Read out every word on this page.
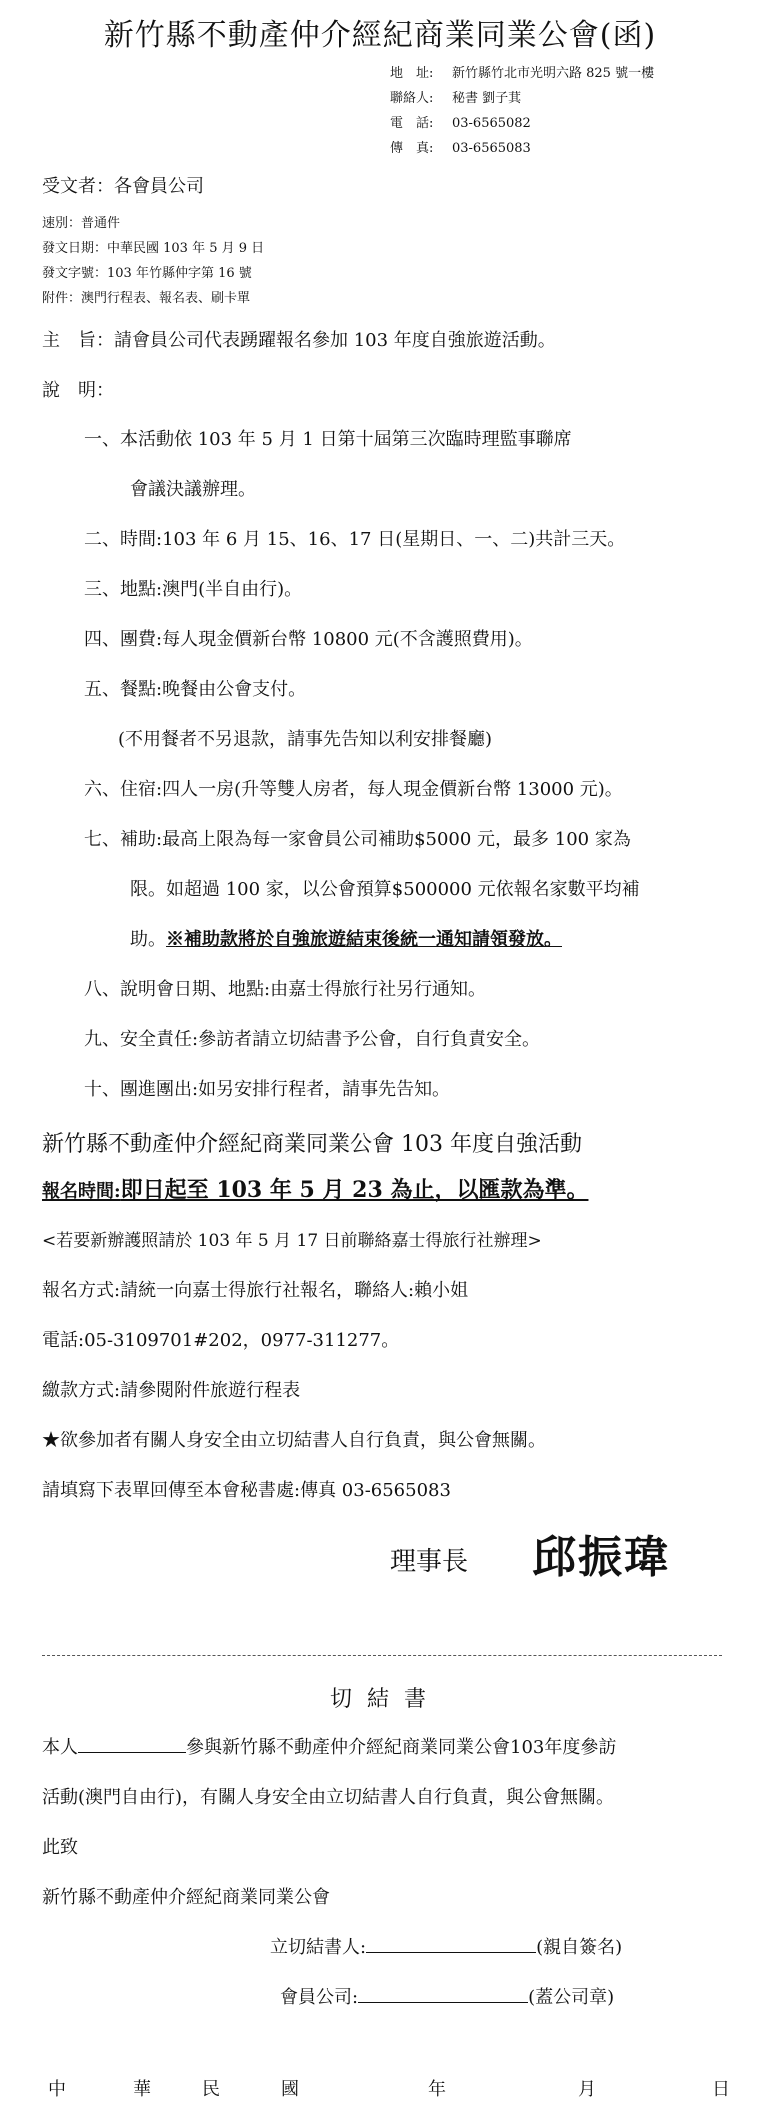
新竹縣不動產仲介經紀商業同業公會(函)
地　址: 新竹縣竹北市光明六路 825 號一樓
聯絡人: 秘書 劉子萁
電　話: 03-6565082
傳　真: 03-6565083
受文者：各會員公司
速別：普通件
發文日期：中華民國 103 年 5 月 9 日
發文字號：103 年竹縣仲字第 16 號
附件：澳門行程表、報名表、刷卡單
主　旨：請會員公司代表踴躍報名參加 103 年度自強旅遊活動。
說　明：
一、本活動依 103 年 5 月 1 日第十屆第三次臨時理監事聯席
會議決議辦理。
二、時間:103 年 6 月 15、16、17 日(星期日、一、二)共計三天。
三、地點:澳門(半自由行)。
四、團費:每人現金價新台幣 10800 元(不含護照費用)。
五、餐點:晚餐由公會支付。
(不用餐者不另退款，請事先告知以利安排餐廳)
六、住宿:四人一房(升等雙人房者，每人現金價新台幣 13000 元)。
七、補助:最高上限為每一家會員公司補助$5000 元，最多 100 家為
限。如超過 100 家，以公會預算$500000 元依報名家數平均補
助。※補助款將於自強旅遊結束後統一通知請領發放。
八、說明會日期、地點:由嘉士得旅行社另行通知。
九、安全責任:參訪者請立切結書予公會，自行負責安全。
十、團進團出:如另安排行程者，請事先告知。
新竹縣不動產仲介經紀商業同業公會 103 年度自強活動
報名時間:即日起至 103 年 5 月 23 為止，以匯款為準。
<若要新辦護照請於 103 年 5 月 17 日前聯絡嘉士得旅行社辦理>
報名方式:請統一向嘉士得旅行社報名，聯絡人:賴小姐
電話:05-3109701#202，0977-311277。
繳款方式:請參閱附件旅遊行程表
★欲參加者有關人身安全由立切結書人自行負責，與公會無關。
請填寫下表單回傳至本會秘書處:傳真 03-6565083
理事長 邱振瑋
切 結 書
本人	參與新竹縣不動產仲介經紀商業同業公會103年度參訪
活動(澳門自由行)，有關人身安全由立切結書人自行負責，與公會無關。
此致
新竹縣不動產仲介經紀商業同業公會
立切結書人:	(親自簽名)
會員公司:	(蓋公司章)
中	華	民	國	年	月	日
